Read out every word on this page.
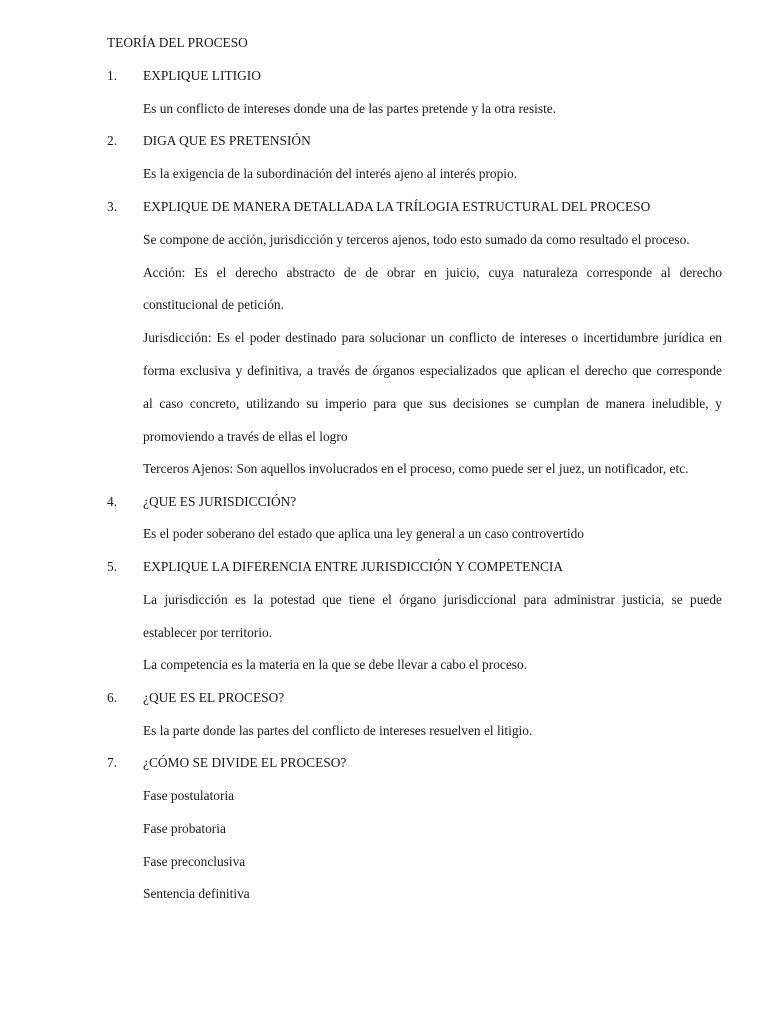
TEORÍA DEL PROCESO
1. EXPLIQUE LITIGIO
Es un conflicto de intereses donde una de las partes pretende y la otra resiste.
2. DIGA QUE ES PRETENSIÓN
Es la exigencia de la subordinación del interés ajeno al interés propio.
3. EXPLIQUE DE MANERA DETALLADA LA TRÍLOGIA ESTRUCTURAL DEL PROCESO
Se compone de acción, jurisdicción y terceros ajenos, todo esto sumado da como resultado el proceso.
Acción: Es el derecho abstracto de de obrar en juicio, cuya naturaleza corresponde al derecho
constitucional de petición.
Jurisdicción: Es el poder destinado para solucionar un conflicto de intereses o incertidumbre jurídica en
forma exclusiva y definitiva, a través de órganos especializados que aplican el derecho que corresponde
al caso concreto, utilizando su imperio para que sus decisiones se cumplan de manera ineludible, y
promoviendo a través de ellas el logro
Terceros Ajenos: Son aquellos involucrados en el proceso, como puede ser el juez, un notificador, etc.
4. ¿QUE ES JURISDICCIÓN?
Es el poder soberano del estado que aplica una ley general a un caso controvertido
5. EXPLIQUE LA DIFERENCIA ENTRE JURISDICCIÓN Y COMPETENCIA
La jurisdicción es la potestad que tiene el órgano jurisdiccional para administrar justicia, se puede
establecer por territorio.
La competencia es la materia en la que se debe llevar a cabo el proceso.
6. ¿QUE ES EL PROCESO?
Es la parte donde las partes del conflicto de intereses resuelven el litigio.
7. ¿CÓMO SE DIVIDE EL PROCESO?
Fase postulatoria
Fase probatoria
Fase preconclusiva
Sentencia definitiva
